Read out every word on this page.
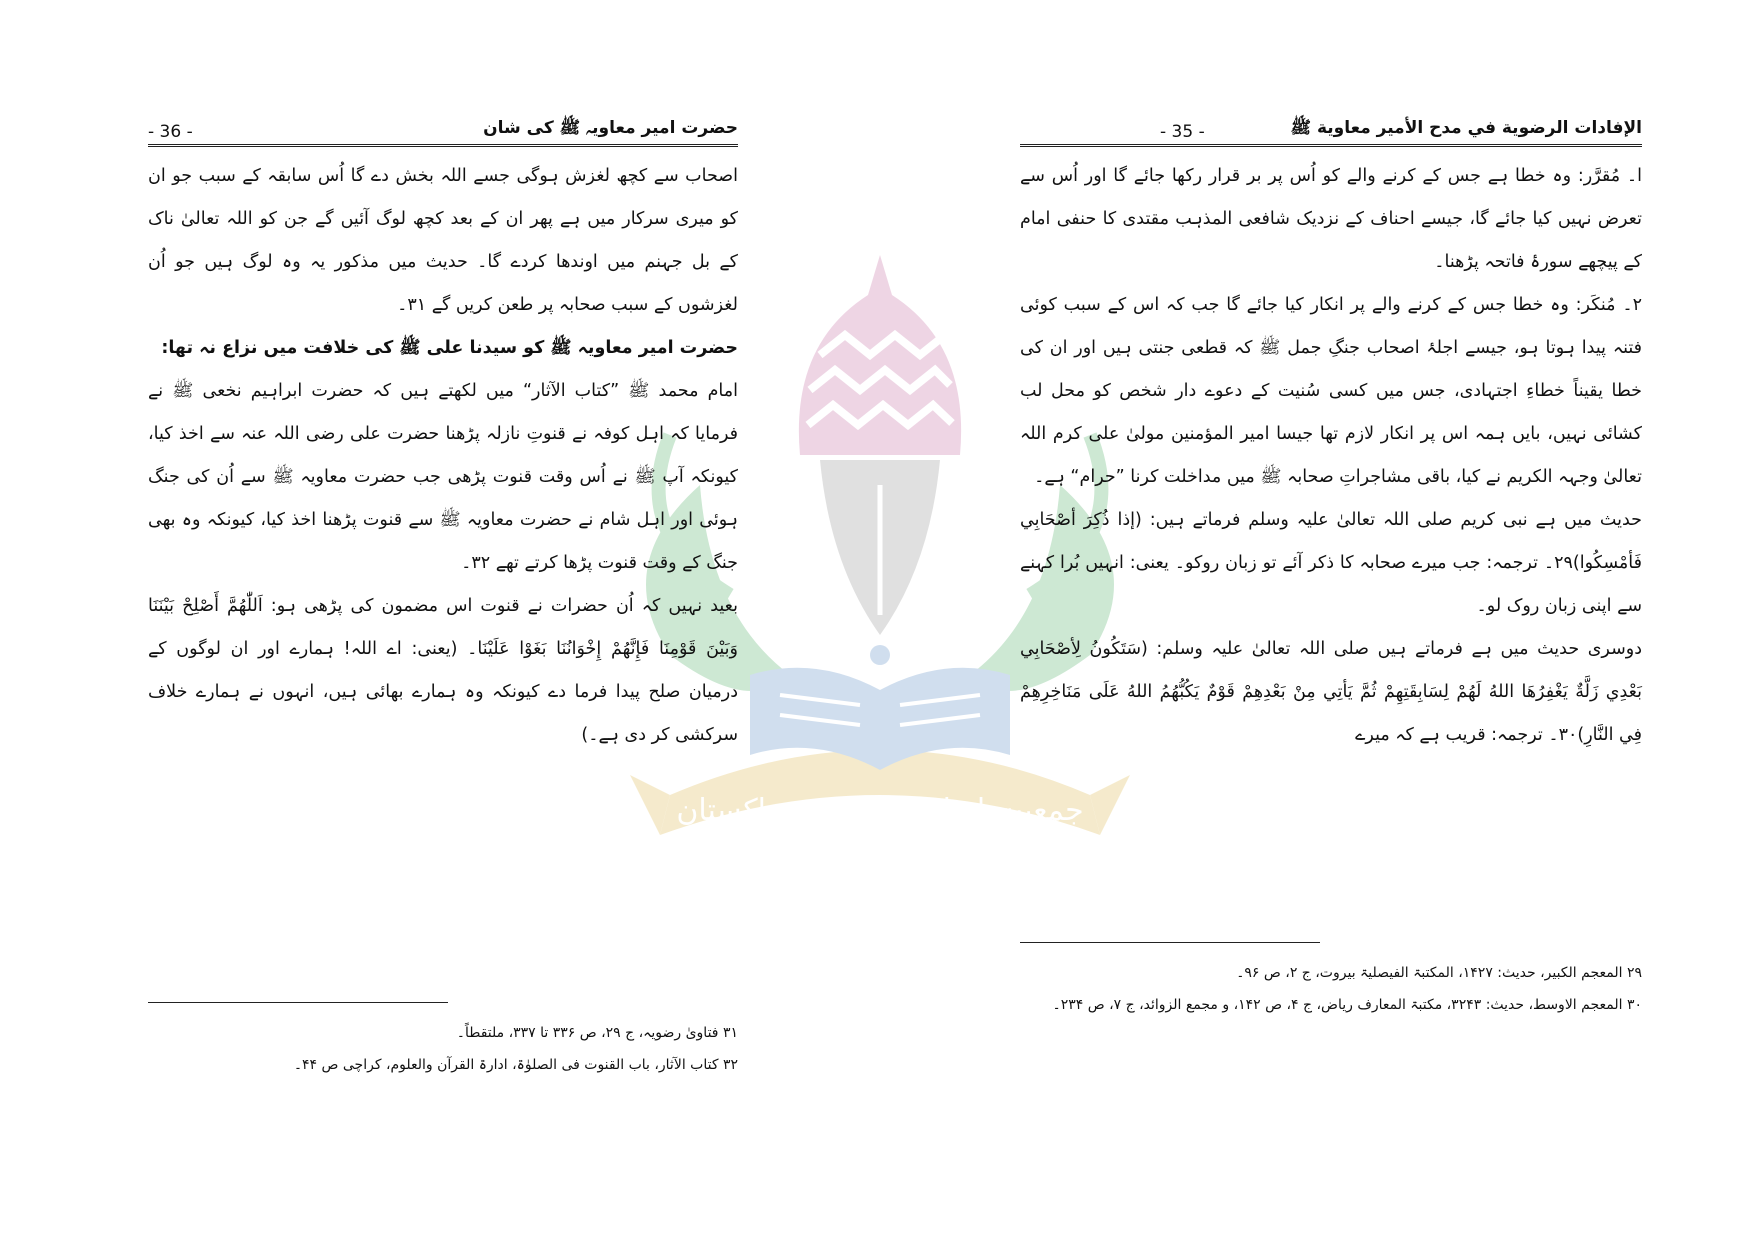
جمعیت اشاعت اہلسنت پاکستان
الإفادات الرضوية في مدح الأمير معاوية ﷺ
- 35 -

ا۔ مُقرَّر: وہ خطا ہے جس کے کرنے والے کو اُس پر بر قرار رکھا جائے گا اور اُس سے تعرض نہیں کیا جائے گا، جیسے احناف کے نزدیک شافعی المذہب مقتدی کا حنفی امام کے پیچھے سورۂ فاتحہ پڑھنا۔

۲۔ مُنکَر: وہ خطا جس کے کرنے والے پر انکار کیا جائے گا جب کہ اس کے سبب کوئی فتنہ پیدا ہوتا ہو، جیسے اجلۂ اصحاب جنگِ جمل ﷺ کہ قطعی جنتی ہیں اور ان کی خطا یقیناً خطاءِ اجتہادی، جس میں کسی سُنیت کے دعوے دار شخص کو محل لب کشائی نہیں، بایں ہمہ اس پر انکار لازم تھا جیسا امیر المؤمنین مولیٰ علی کرم اللہ تعالیٰ وجہہ الکریم نے کیا، باقی مشاجراتِ صحابہ ﷺ میں مداخلت کرنا ”حرام“ ہے۔

حدیث میں ہے نبی کریم صلی اللہ تعالیٰ علیہ وسلم فرماتے ہیں: (إذا ذُكِرَ أصْحَابِي فَأمْسِكُوا)۲۹۔ ترجمہ: جب میرے صحابہ کا ذکر آئے تو زبان روکو۔ یعنی: انہیں بُرا کہنے سے اپنی زبان روک لو۔

دوسری حدیث میں ہے فرماتے ہیں صلی اللہ تعالیٰ علیہ وسلم: (سَتَكُونُ لِأصْحَابِي بَعْدِي زَلَّةٌ يَغْفِرُهَا اللهُ لَهُمْ لِسَابِقَتِهِمْ ثُمَّ يَأتِي مِنْ بَعْدِهِمْ قَوْمٌ يَكُبُّهُمُ اللهُ عَلَى مَنَاخِرِهِمْ فِي النَّارِ)۳۰۔ ترجمہ: قریب ہے کہ میرے

۲۹ المعجم الکبیر، حدیث: ۱۴۲۷، المکتبۃ الفیصلیۃ بیروت، ج ۲، ص ۹۶۔

۳۰ المعجم الاوسط، حدیث: ۳۲۴۳، مکتبۃ المعارف ریاض، ج ۴، ص ۱۴۲، و مجمع الزوائد، ج ۷، ص ۲۳۴۔

حضرت امیر معاویہ ﷺ کی شان
- 36 -

اصحاب سے کچھ لغزش ہوگی جسے اللہ بخش دے گا اُس سابقہ کے سبب جو ان کو میری سرکار میں ہے پھر ان کے بعد کچھ لوگ آئیں گے جن کو اللہ تعالیٰ ناک کے بل جہنم میں اوندھا کردے گا۔ حدیث میں مذکور یہ وہ لوگ ہیں جو اُن لغزشوں کے سبب صحابہ پر طعن کریں گے ۳۱۔

حضرت امیر معاویہ ﷺ کو سیدنا علی ﷺ کی خلافت میں نزاع نہ تھا:

امام محمد ﷺ ”کتاب الآثار“ میں لکھتے ہیں کہ حضرت ابراہیم نخعی ﷺ نے فرمایا کہ اہل کوفہ نے قنوتِ نازلہ پڑھنا حضرت علی رضی اللہ عنہ سے اخذ کیا، کیونکہ آپ ﷺ نے اُس وقت قنوت پڑھی جب حضرت معاویہ ﷺ سے اُن کی جنگ ہوئی اور اہل شام نے حضرت معاویہ ﷺ سے قنوت پڑھنا اخذ کیا، کیونکہ وہ بھی جنگ کے وقت قنوت پڑھا کرتے تھے ۳۲۔

بعید نہیں کہ اُن حضرات نے قنوت اس مضمون کی پڑھی ہو: اَللّٰهُمَّ أَصْلِحْ بَيْنَنَا وَبَيْنَ قَوْمِنَا فَإِنَّهُمْ إِخْوَانُنَا بَغَوْا عَلَيْنَا۔ (یعنی: اے اللہ! ہمارے اور ان لوگوں کے درمیان صلح پیدا فرما دے کیونکہ وہ ہمارے بھائی ہیں، انہوں نے ہمارے خلاف سرکشی کر دی ہے۔)

۳۱ فتاویٰ رضویہ، ج ۲۹، ص ۳۳۶ تا ۳۳۷، ملتقطاً۔

۳۲ کتاب الآثار، باب القنوت فی الصلوٰۃ، ادارۃ القرآن والعلوم، کراچی ص ۴۴۔
